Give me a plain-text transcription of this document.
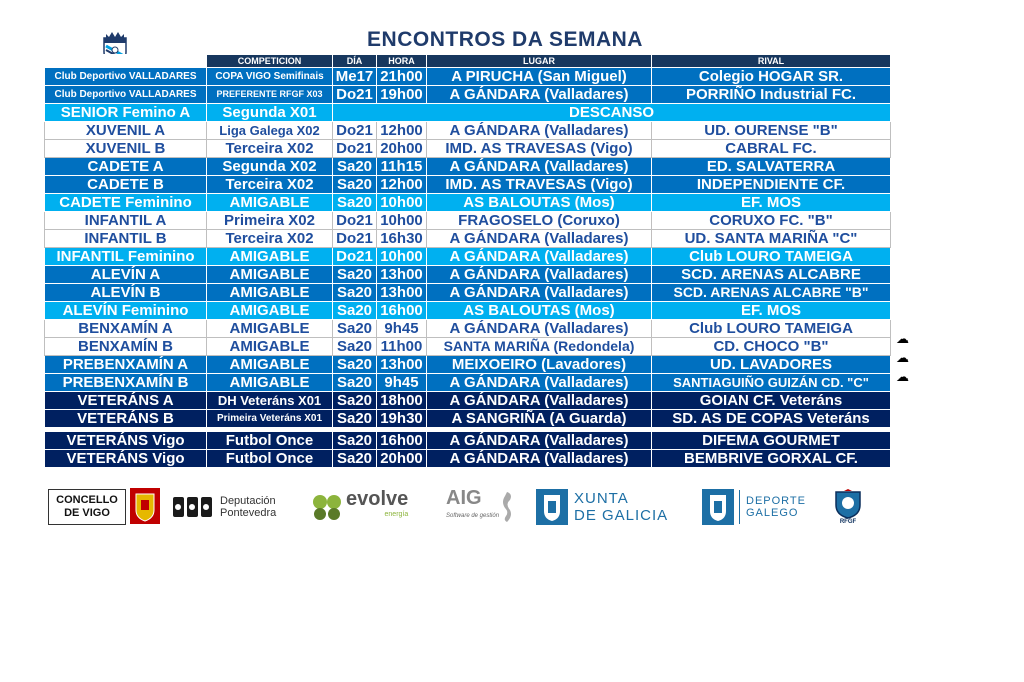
ENCONTROS DA SEMANA
	COMPETICION	DÍA	HORA	LUGAR	RIVAL
Club Deportivo VALLADARES	COPA VIGO Semifinais	Me17	21h00	A PIRUCHA (San Miguel)	Colegio HOGAR SR.
Club Deportivo VALLADARES	PREFERENTE RFGF X03	Do21	19h00	A GÁNDARA (Valladares)	PORRIÑO Industrial FC.
SENIOR Femino A	Segunda X01	DESCANSO			
XUVENIL A	Liga Galega X02	Do21	12h00	A GÁNDARA (Valladares)	UD. OURENSE "B"
XUVENIL B	Terceira X02	Do21	20h00	IMD. AS TRAVESAS (Vigo)	CABRAL FC.
CADETE A	Segunda X02	Sa20	11h15	A GÁNDARA (Valladares)	ED. SALVATERRA
CADETE B	Terceira X02	Sa20	12h00	IMD. AS TRAVESAS (Vigo)	INDEPENDIENTE CF.
CADETE Feminino	AMIGABLE	Sa20	10h00	AS BALOUTAS (Mos)	EF. MOS
INFANTIL A	Primeira X02	Do21	10h00	FRAGOSELO (Coruxo)	CORUXO FC. "B"
INFANTIL B	Terceira X02	Do21	16h30	A GÁNDARA (Valladares)	UD. SANTA MARIÑA "C"
INFANTIL Feminino	AMIGABLE	Do21	10h00	A GÁNDARA (Valladares)	Club LOURO TAMEIGA
ALEVÍN A	AMIGABLE	Sa20	13h00	A GÁNDARA (Valladares)	SCD. ARENAS ALCABRE
ALEVÍN B	AMIGABLE	Sa20	13h00	A GÁNDARA (Valladares)	SCD. ARENAS ALCABRE "B"
ALEVÍN Feminino	AMIGABLE	Sa20	16h00	AS BALOUTAS (Mos)	EF. MOS
BENXAMÍN A	AMIGABLE	Sa20	9h45	A GÁNDARA (Valladares)	Club LOURO TAMEIGA
BENXAMÍN B	AMIGABLE	Sa20	11h00	SANTA MARIÑA (Redondela)	CD. CHOCO "B"
PREBENXAMÍN A	AMIGABLE	Sa20	13h00	MEIXOEIRO (Lavadores)	UD. LAVADORES
PREBENXAMÍN B	AMIGABLE	Sa20	9h45	A GÁNDARA (Valladares)	SANTIAGUIÑO GUIZÁN CD. "C"
VETERÁNS A	DH Veteráns X01	Sa20	18h00	A GÁNDARA (Valladares)	GOIAN CF. Veteráns
VETERÁNS B	Primeira Veteráns X01	Sa20	19h30	A SANGRIÑA (A Guarda)	SD. AS DE COPAS Veteráns

VETERÁNS Vigo	Futbol Once	Sa20	16h00	A GÁNDARA (Valladares)	DIFEMA GOURMET
VETERÁNS Vigo	Futbol Once	Sa20	20h00	A GÁNDARA (Valladares)	BEMBRIVE GORXAL CF.
☁
☁
☁
CONCELLO
DE VIGO
Deputación
Pontevedra
evolve
energía
AIG
Software de gestión
XUNTA
DE GALICIA
DEPORTE
GALEGO
RFGF
